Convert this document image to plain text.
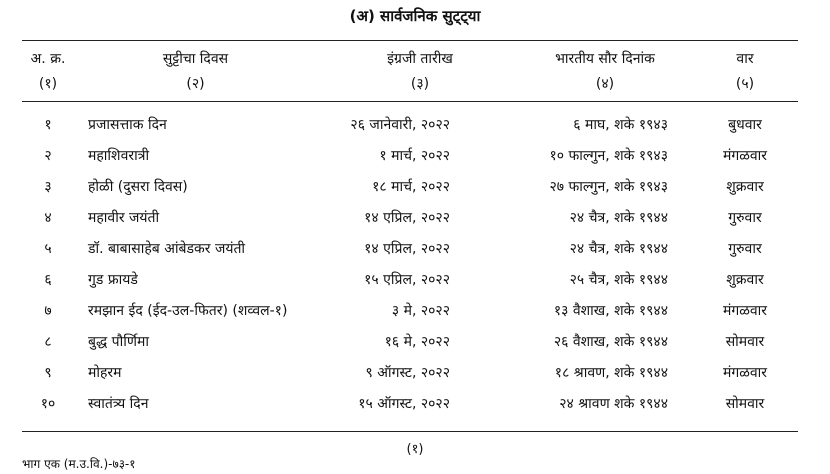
(अ) सार्वजनिक सुट्ट्या
अ. क्र.	सुट्टीचा दिवस	इंग्रजी तारीख	भारतीय सौर दिनांक	वार
(१)	(२)	(३)	(४)	(५)
१	प्रजासत्ताक दिन	२६ जानेवारी, २०२२	६ माघ, शके १९४३	बुधवार
२	महाशिवरात्री	१ मार्च, २०२२	१० फाल्गुन, शके १९४३	मंगळवार
३	होळी (दुसरा दिवस)	१८ मार्च, २०२२	२७ फाल्गुन, शके १९४३	शुक्रवार
४	महावीर जयंती	१४ एप्रिल, २०२२	२४ चैत्र, शके १९४४	गुरुवार
५	डॉ. बाबासाहेब आंबेडकर जयंती	१४ एप्रिल, २०२२	२४ चैत्र, शके १९४४	गुरुवार
६	गुड फ्रायडे	१५ एप्रिल, २०२२	२५ चैत्र, शके १९४४	शुक्रवार
७	रमझान ईद (ईद-उल-फितर) (शव्वल-१)	३ मे, २०२२	१३ वैशाख, शके १९४४	मंगळवार
८	बुद्ध पौर्णिमा	१६ मे, २०२२	२६ वैशाख, शके १९४४	सोमवार
९	मोहरम	९ ऑगस्ट, २०२२	१८ श्रावण, शके १९४४	मंगळवार
१०	स्वातंत्र्य दिन	१५ ऑगस्ट, २०२२	२४ श्रावण शके १९४४	सोमवार
(१)
भाग एक (म.उ.वि.)-७३-१
